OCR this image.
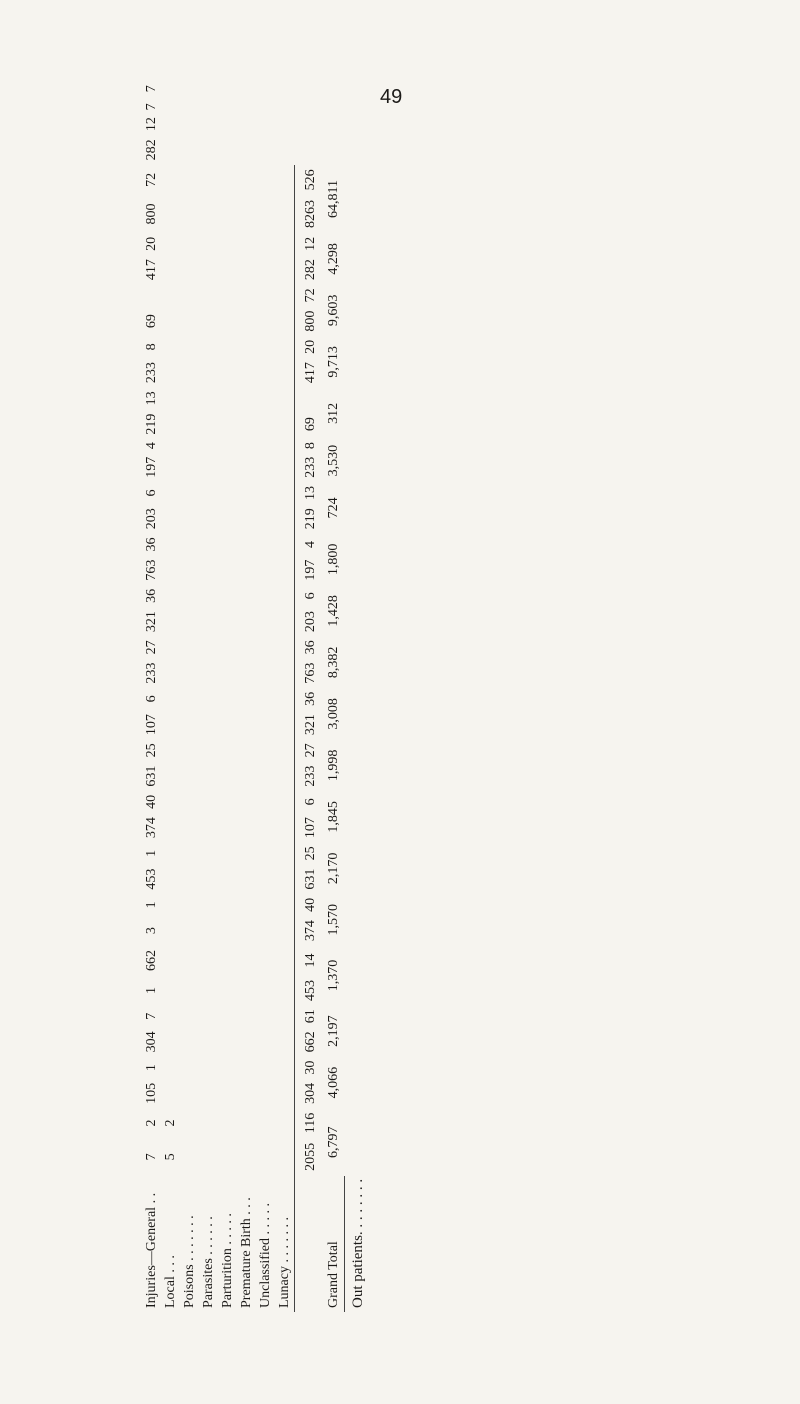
49
Injuries—General . .	7	2	105	1	304	7	1	662	3	1	453	1	374	40	631	25	107	6	233	27	321	36	763	36	203	6	197	4	219	13	233	8	69		417	20	800	72	282	12	7		7
Local . . .	5	2																																									
Poisons . . . . . . .																																											
Parasites . . . . . .																																											
Parturition . . . . .																																											
Premature Birth . . .																																											
Unclassified . . . . .																																											
Lunacy . . . . . . .																																											
	2055	116	304	30	662	61	453	14	374	40	631	25	107	6	233	27	321	36	763	36	203	6	197	4	219	13	233	8	69		417	20	800	72	282	12	8263	526					
Grand Total	6,797		4,066		2,197		1,370		1,570		2,170		1,845		1,998		3,008		8,382		1,428		1,800		724		3,530		312		9,713		9,603		4,298		64,811						
Out patients. . . . . . . .																																											
